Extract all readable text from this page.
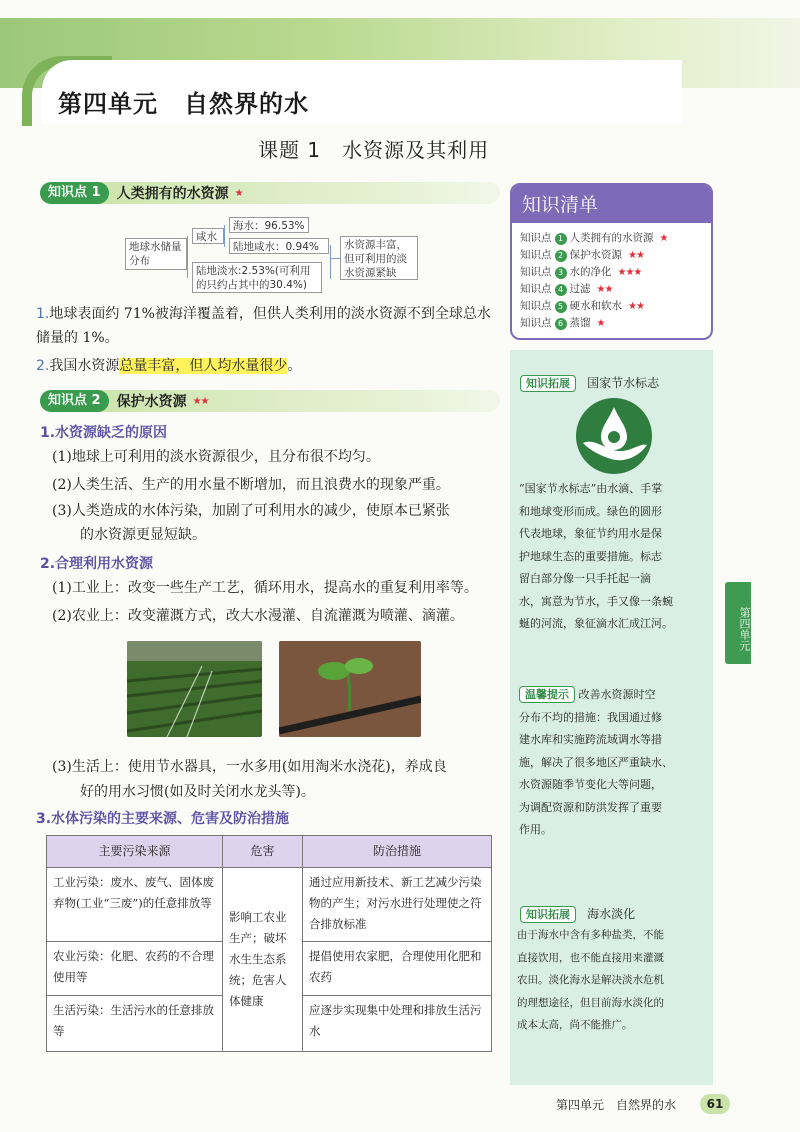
第四单元 自然界的水
课题 1　水资源及其利用
知识点 1	人类拥有的水资源 ★
地球水储量分布
咸水
海水：96.53%
陆地咸水：0.94%
陆地淡水:2.53%(可利用的只约占其中的30.4%)
水资源丰富，但可利用的淡水资源紧缺
1.地球表面约 71%被海洋覆盖着，但供人类利用的淡水资源不到全球总水储量的 1%。
2.我国水资源总量丰富，但人均水量很少。
知识点 2	保护水资源 ★★
1.水资源缺乏的原因
(1)地球上可利用的淡水资源很少，且分布很不均匀。
(2)人类生活、生产的用水量不断增加，而且浪费水的现象严重。
(3)人类造成的水体污染，加剧了可利用水的减少，使原本已紧张
的水资源更显短缺。
2.合理利用水资源
(1)工业上：改变一些生产工艺，循环用水，提高水的重复利用率等。
(2)农业上：改变灌溉方式，改大水漫灌、自流灌溉为喷灌、滴灌。
(3)生活上：使用节水器具，一水多用(如用淘米水浇花)，养成良
好的用水习惯(如及时关闭水龙头等)。
3.水体污染的主要来源、危害及防治措施
主要污染来源	危害	防治措施
工业污染：废水、废气、固体废弃物(工业“三废”)的任意排放等	影响工农业生产；破坏水生生态系统；危害人体健康	通过应用新技术、新工艺减少污染物的产生；对污水进行处理使之符合排放标准
农业污染：化肥、农药的不合理使用等		提倡使用农家肥，合理使用化肥和农药
生活污染：生活污水的任意排放等		应逐步实现集中处理和排放生活污水
知识清单
知识点 1 人类拥有的水资源 ★
知识点 2 保护水资源 ★★
知识点 3 水的净化 ★★★
知识点 4 过滤 ★★
知识点 5 硬水和软水 ★★
知识点 6 蒸馏 ★
知识拓展 国家节水标志
“国家节水标志”由水滴、手掌
和地球变形而成。绿色的圆形
代表地球，象征节约用水是保
护地球生态的重要措施。标志
留白部分像一只手托起一滴
水，寓意为节水，手又像一条蜿
蜒的河流，象征滴水汇成江河。
温馨提示 改善水资源时空
分布不均的措施：我国通过修
建水库和实施跨流域调水等措
施，解决了很多地区严重缺水、
水资源随季节变化大等问题，
为调配资源和防洪发挥了重要
作用。
知识拓展 海水淡化
由于海水中含有多种盐类，不能
直接饮用，也不能直接用来灌溉
农田。淡化海水是解决淡水危机
的理想途径，但目前海水淡化的
成本太高，尚不能推广。
第四单元
第四单元 自然界的水	61
